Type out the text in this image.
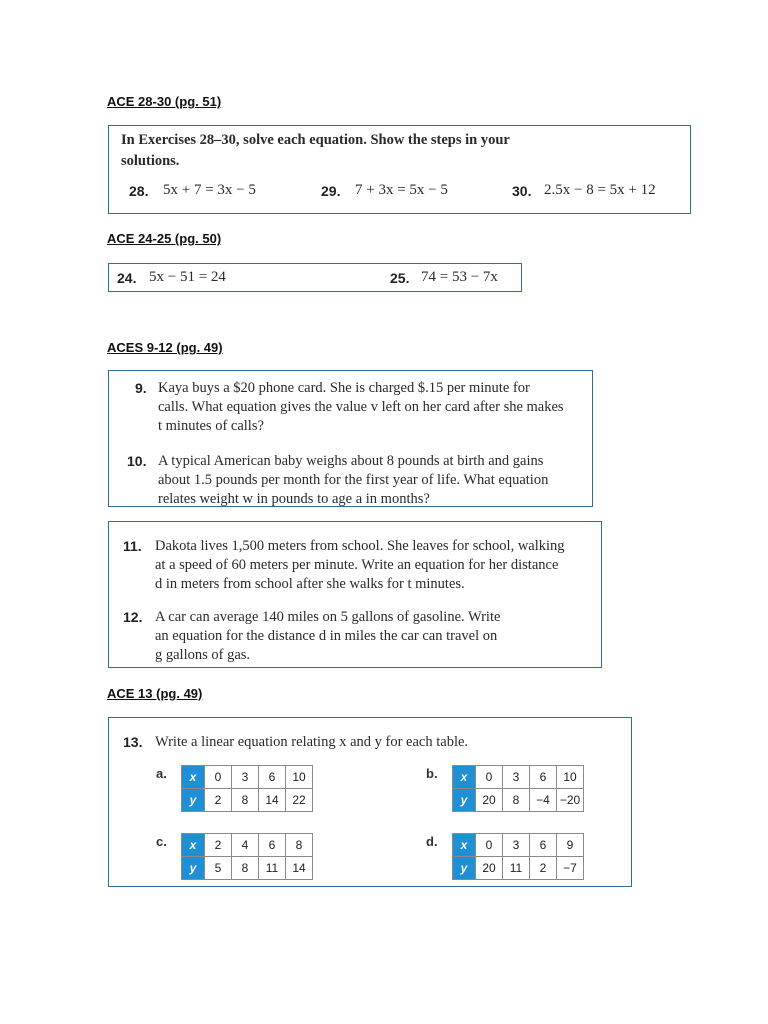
ACE 28-30 (pg. 51)
In Exercises 28–30, solve each equation. Show the steps in your
solutions.
28. 5x + 7 = 3x − 5	29. 7 + 3x = 5x − 5	30. 2.5x − 8 = 5x + 12
ACE 24-25 (pg. 50)
24. 5x − 51 = 24	25. 74 = 53 − 7x
ACES 9-12 (pg. 49)
9. Kaya buys a $20 phone card. She is charged $.15 per minute for

calls. What equation gives the value v left on her card after she makes

t minutes of calls?

10. A typical American baby weighs about 8 pounds at birth and gains

about 1.5 pounds per month for the first year of life. What equation

relates weight w in pounds to age a in months?

11. Dakota lives 1,500 meters from school. She leaves for school, walking

at a speed of 60 meters per minute. Write an equation for her distance

d in meters from school after she walks for t minutes.

12. A car can average 140 miles on 5 gallons of gasoline. Write

an equation for the distance d in miles the car can travel on

g gallons of gas.

ACE 13 (pg. 49)
13. Write a linear equation relating x and y for each table.
a. x	0	3	6	10
y	2	8	14	22
b. x	0	3	6	10
y	20	8	−4	−20
c. x	2	4	6	8
y	5	8	11	14
d. x	0	3	6	9
y	20	11	2	−7
